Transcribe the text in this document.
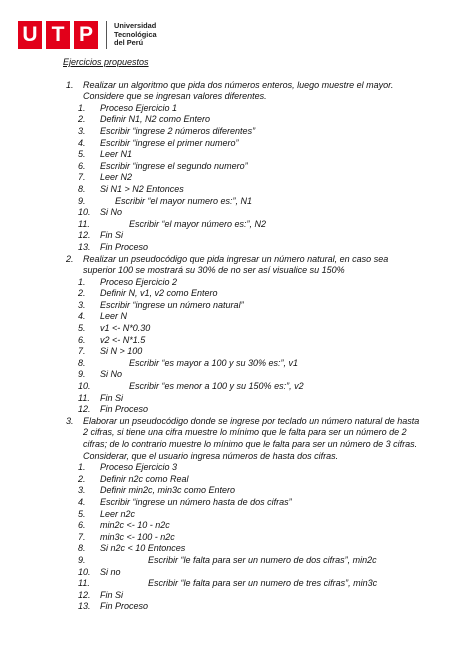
U T P	Universidad
Tecnológica
del Perú
Ejercicios propuestos
1. Realizar un algoritmo que pida dos números enteros, luego muestre el mayor. Considere que se ingresan valores diferentes.
1. Proceso Ejercicio 1
2. Definir N1, N2 como Entero
3. Escribir “ingrese 2 números diferentes”
4. Escribir “ingrese el primer numero”
5. Leer N1
6. Escribir “ingrese el segundo numero”
7. Leer N2
8. Si N1 > N2 Entonces
9.	Escribir “el mayor numero es:”, N1
10. Si No
11.	Escribir “el mayor número es:”, N2
12. Fin Si
13. Fin Proceso
2. Realizar un pseudocódigo que pida ingresar un número natural, en caso sea superior 100 se mostrará su 30% de no ser así visualice su 150%
1. Proceso Ejercicio 2
2. Definir N, v1, v2 como Entero
3. Escribir “ingrese un número natural”
4. Leer N
5. v1 <- N*0.30
6. v2 <- N*1.5
7. Si N > 100
8.	Escribir “es mayor a 100 y su 30% es:”, v1
9. Si No
10.	Escribir “es menor a 100 y su 150% es:”, v2
11. Fin Si
12. Fin Proceso
3. Elaborar un pseudocódigo donde se ingrese por teclado un número natural de hasta 2 cifras, si tiene una cifra muestre lo mínimo que le falta para ser un número de 2 cifras; de lo contrario muestre lo mínimo que le falta para ser un número de 3 cifras. Considerar, que el usuario ingresa números de hasta dos cifras.
1. Proceso Ejercicio 3
2. Definir n2c como Real
3. Definir min2c, min3c como Entero
4. Escribir “ingrese un número hasta de dos cifras”
5. Leer n2c
6. min2c <- 10 - n2c
7. min3c <- 100 - n2c
8. Si n2c < 10 Entonces
9.	Escribir “le falta para ser un numero de dos cifras”, min2c
10. Si no
11.	Escribir “le falta para ser un numero de tres cifras”, min3c
12. Fin Si
13. Fin Proceso
